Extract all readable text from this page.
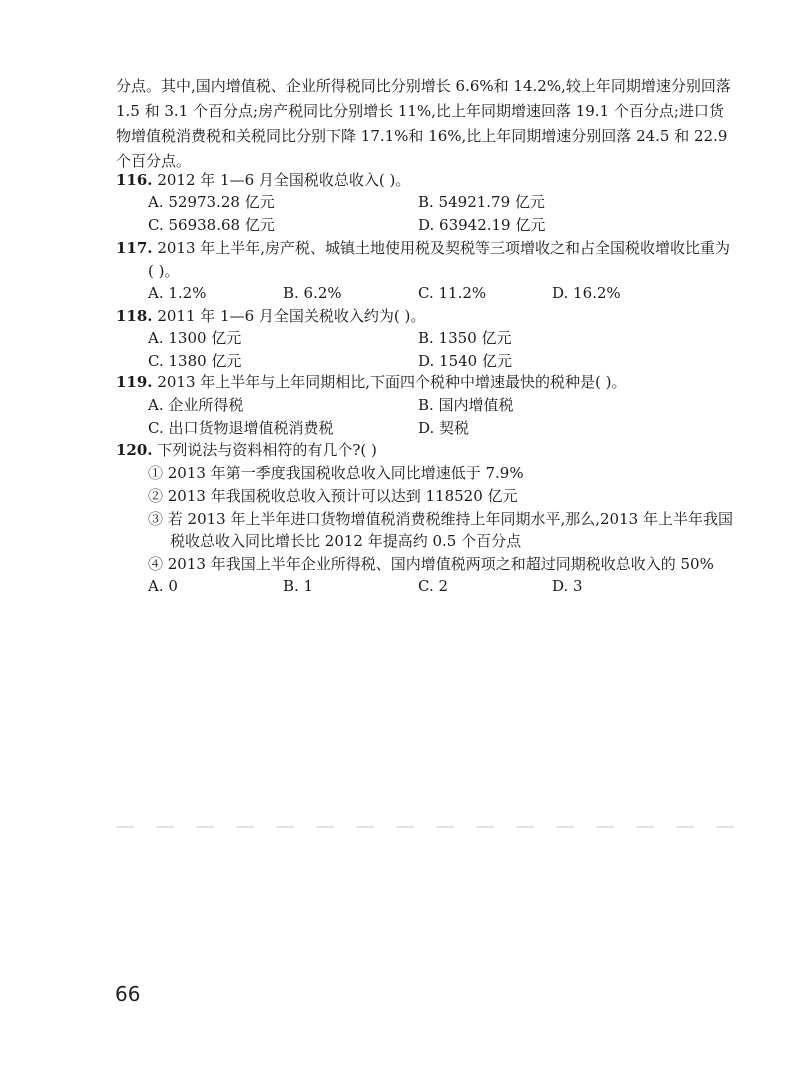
分点。其中,国内增值税、企业所得税同比分别增长 6.6%和 14.2%,较上年同期增速分别回落
1.5 和 3.1 个百分点;房产税同比分别增长 11%,比上年同期增速回落 19.1 个百分点;进口货
物增值税消费税和关税同比分别下降 17.1%和 16%,比上年同期增速分别回落 24.5 和 22.9
个百分点。
116. 2012 年 1—6 月全国税收总收入( )。
A. 52973.28 亿元	B. 54921.79 亿元
C. 56938.68 亿元	D. 63942.19 亿元
117. 2013 年上半年,房产税、城镇土地使用税及契税等三项增收之和占全国税收增收比重为
( )。
A. 1.2%	B. 6.2%	C. 11.2%	D. 16.2%
118. 2011 年 1—6 月全国关税收入约为( )。
A. 1300 亿元	B. 1350 亿元
C. 1380 亿元	D. 1540 亿元
119. 2013 年上半年与上年同期相比,下面四个税种中增速最快的税种是( )。
A. 企业所得税	B. 国内增值税
C. 出口货物退增值税消费税	D. 契税
120. 下列说法与资料相符的有几个?( )
① 2013 年第一季度我国税收总收入同比增速低于 7.9%
② 2013 年我国税收总收入预计可以达到 118520 亿元
③ 若 2013 年上半年进口货物增值税消费税维持上年同期水平,那么,2013 年上半年我国
税收总收入同比增长比 2012 年提高约 0.5 个百分点
④ 2013 年我国上半年企业所得税、国内增值税两项之和超过同期税收总收入的 50%
A. 0	B. 1	C. 2	D. 3
66
